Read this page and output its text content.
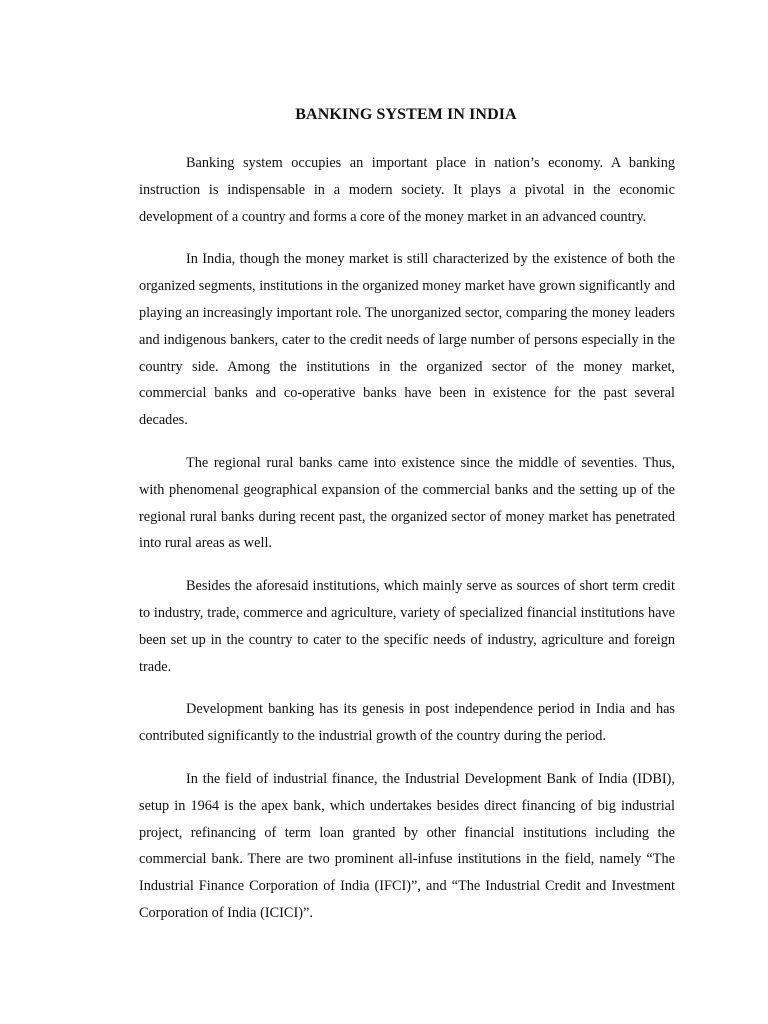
BANKING SYSTEM IN INDIA

Banking system occupies an important place in nation’s economy. A banking instruction is indispensable in a modern society. It plays a pivotal in the economic development of a country and forms a core of the money market in an advanced country.

In India, though the money market is still characterized by the existence of both the organized segments, institutions in the organized money market have grown significantly and playing an increasingly important role. The unorganized sector, comparing the money leaders and indigenous bankers, cater to the credit needs of large number of persons especially in the country side. Among the institutions in the organized sector of the money market, commercial banks and co-operative banks have been in existence for the past several decades.

The regional rural banks came into existence since the middle of seventies. Thus, with phenomenal geographical expansion of the commercial banks and the setting up of the regional rural banks during recent past, the organized sector of money market has penetrated into rural areas as well.

Besides the aforesaid institutions, which mainly serve as sources of short term credit to industry, trade, commerce and agriculture, variety of specialized financial institutions have been set up in the country to cater to the specific needs of industry, agriculture and foreign trade.

Development banking has its genesis in post independence period in India and has contributed significantly to the industrial growth of the country during the period.

In the field of industrial finance, the Industrial Development Bank of India (IDBI), setup in 1964 is the apex bank, which undertakes besides direct financing of big industrial project, refinancing of term loan granted by other financial institutions including the commercial bank. There are two prominent all-infuse institutions in the field, namely “The Industrial Finance Corporation of India (IFCI)”, and “The Industrial Credit and Investment Corporation of India (ICICI)”.
